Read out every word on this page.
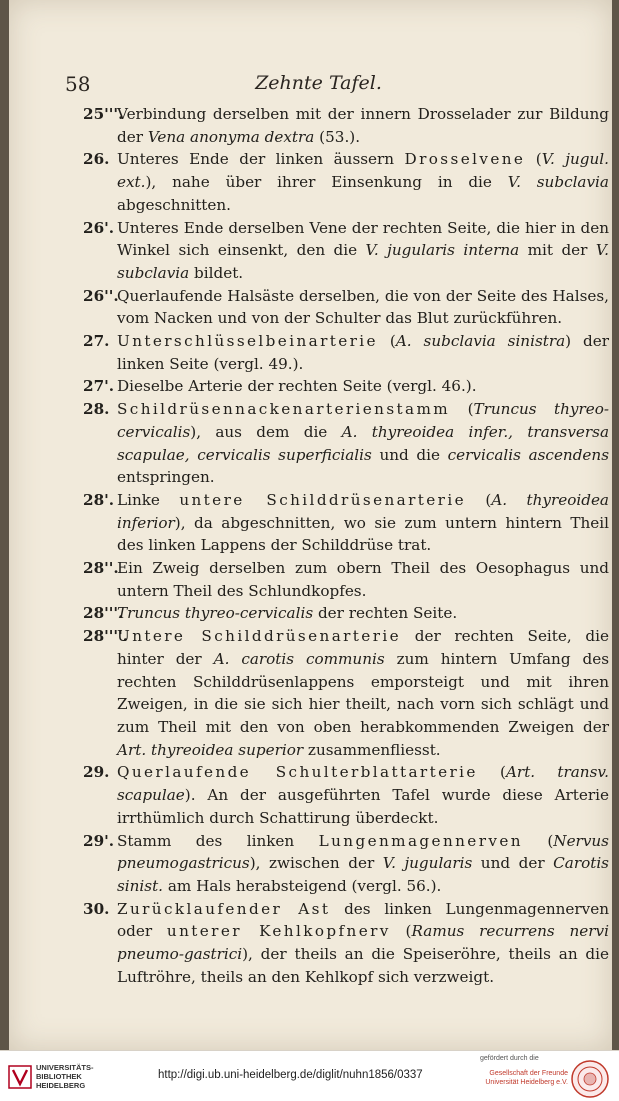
58	Zehnte Tafel.
25'''.
Verbindung derselben mit der innern Drosselader zur Bildung der Vena anonyma dextra (53.).
26. Unteres Ende der linken äussern Drosselvene (V. jugul. ext.), nahe über ihrer Einsenkung in die V. subclavia abgeschnitten.
26'. Unteres Ende derselben Vene der rechten Seite, die hier in den Winkel sich einsenkt, den die V. jugularis interna mit der V. subclavia bildet.
26''.
Querlaufende Halsäste derselben, die von der Seite des Halses, vom Nacken und von der Schulter das Blut zurückführen.
27. Unterschlüsselbeinarterie (A. subclavia sinistra) der linken Seite (vergl. 49.).
27'. Dieselbe Arterie der rechten Seite (vergl. 46.).
28. Schildrüsennackenarterienstamm (Truncus thyreo-cervicalis), aus dem die A. thyreoidea infer., transversa scapulae, cervicalis superficialis und die cervicalis ascendens entspringen.
28'. Linke untere Schilddrüsenarterie (A. thyreoidea inferior), da abgeschnitten, wo sie zum untern hintern Theil des linken Lappens der Schilddrüse trat.
28''.
Ein Zweig derselben zum obern Theil des Oesophagus und untern Theil des Schlundkopfes.
28'''.
Truncus thyreo-cervicalis der rechten Seite.
28''''.
Untere Schilddrüsenarterie der rechten Seite, die hinter der A. carotis communis zum hintern Umfang des rechten Schilddrüsenlappens emporsteigt und mit ihren Zweigen, in die sie sich hier theilt, nach vorn sich schlägt und zum Theil mit den von oben herabkommenden Zweigen der Art. thyreoidea superior zusammenfliesst.
29. Querlaufende Schulterblattarterie (Art. transv. scapulae). An der ausgeführten Tafel wurde diese Arterie irrthümlich durch Schattirung überdeckt.
29'. Stamm des linken Lungenmagennerven (Nervus pneumogastricus), zwischen der V. jugularis und der Carotis sinist. am Hals herabsteigend (vergl. 56.).
30. Zurücklaufender Ast des linken Lungenmagennerven oder unterer Kehlkopfnerv (Ramus recurrens nervi pneumo-gastrici), der theils an die Speiseröhre, theils an die Luftröhre, theils an den Kehlkopf sich verzweigt.
UNIVERSITÄTS-
BIBLIOTHEK
HEIDELBERG
http://digi.ub.uni-heidelberg.de/diglit/nuhn1856/0337
gefördert durch die
Gesellschaft der Freunde
Universität Heidelberg e.V.
